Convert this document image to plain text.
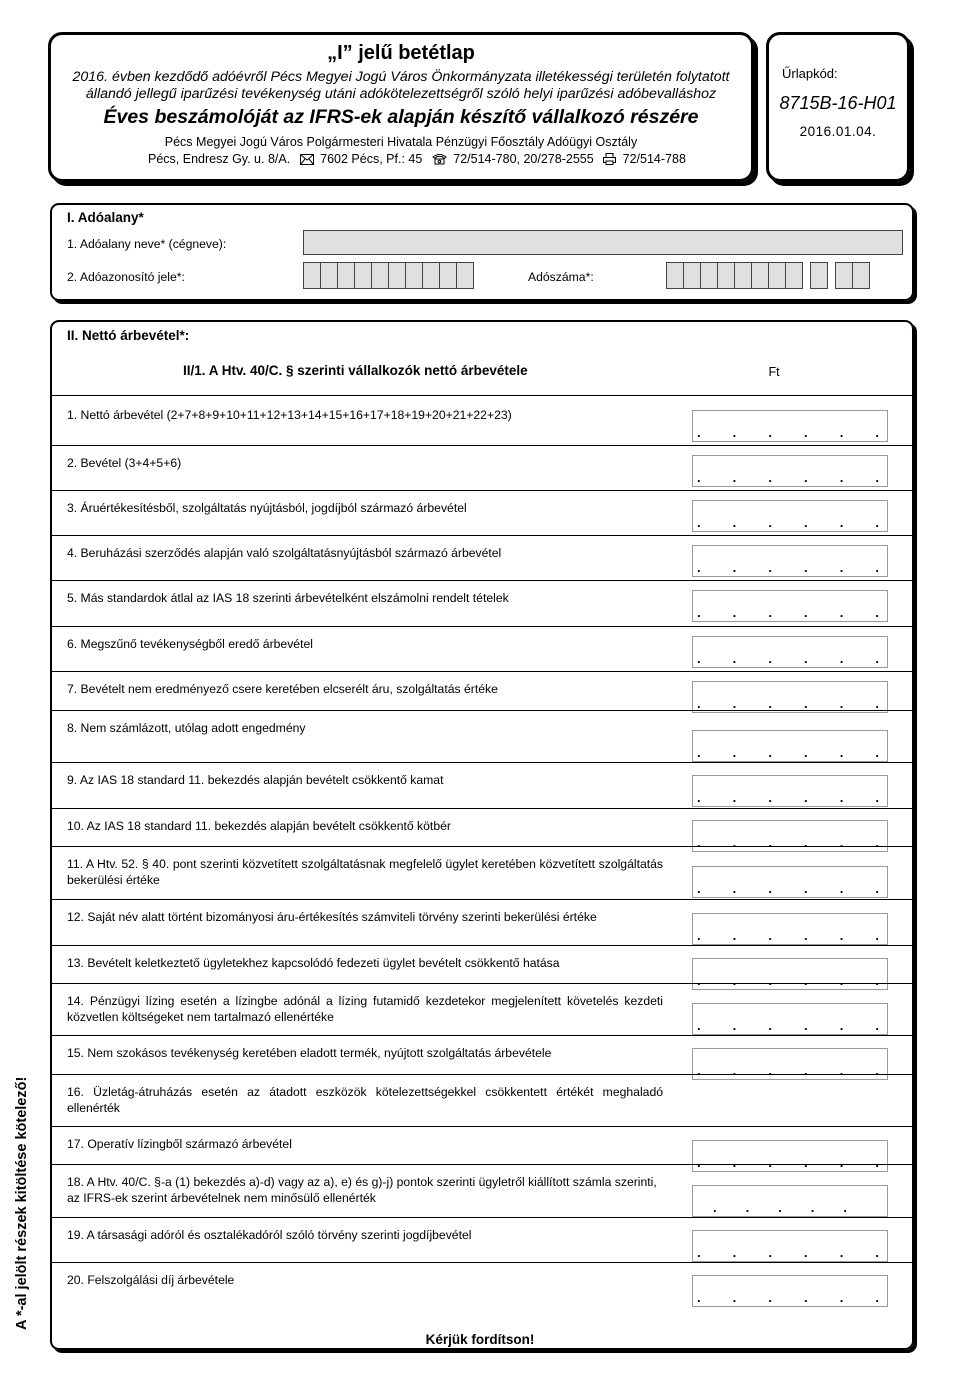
„I” jelű betétlap
2016. évben kezdődő adóévről Pécs Megyei Jogú Város Önkormányzata illetékességi területén folytatott
állandó jellegű iparűzési tevékenység utáni adókötelezettségről szóló helyi iparűzési adóbevalláshoz
Éves beszámolóját az IFRS-ek alapján készítő vállalkozó részére
Pécs Megyei Jogú Város Polgármesteri Hivatala Pénzügyi Főosztály Adóügyi Osztály
Pécs, Endresz Gy. u. 8/A. 7602 Pécs, Pf.: 45 72/514-780, 20/278-2555 72/514-788
Űrlapkód:
8715B-16-H01
2016.01.04.
I. Adóalany*
1. Adóalany neve* (cégneve):
2. Adóazonosító jele*:	Adószáma*:
II. Nettó árbevétel*:
II/1. A Htv. 40/C. § szerinti vállalkozók nettó árbevétele	Ft
1. Nettó árbevétel (2+7+8+9+10+11+12+13+14+15+16+17+18+19+20+21+22+23)
. . . . . .
2. Bevétel (3+4+5+6)
. . . . . .
3. Áruértékesítésből, szolgáltatás nyújtásból, jogdíjból származó árbevétel
. . . . . .
4. Beruházási szerződés alapján való szolgáltatásnyújtásból származó árbevétel
. . . . . .
5. Más standardok átlal az IAS 18 szerinti árbevételként elszámolni rendelt tételek
. . . . . .
6. Megszűnő tevékenységből eredő árbevétel
. . . . . .
7. Bevételt nem eredményező csere keretében elcserélt áru, szolgáltatás értéke
. . . . . .
8. Nem számlázott, utólag adott engedmény
. . . . . .
9. Az IAS 18 standard 11. bekezdés alapján bevételt csökkentő kamat
. . . . . .
10. Az IAS 18 standard 11. bekezdés alapján bevételt csökkentő kötbér
. . . . . .
11. A Htv. 52. § 40. pont szerinti közvetített szolgáltatásnak megfelelő ügylet keretében közvetített szolgáltatás bekerülési értéke
. . . . . .
12. Saját név alatt történt bizományosi áru-értékesítés számviteli törvény szerinti bekerülési értéke
. . . . . .
13. Bevételt keletkeztető ügyletekhez kapcsolódó fedezeti ügylet bevételt csökkentő hatása
. . . . . .
14. Pénzügyi lízing esetén a lízingbe adónál a lízing futamidő kezdetekor megjelenített követelés kezdeti közvetlen költségeket nem tartalmazó ellenértéke
. . . . . .
15. Nem szokásos tevékenység keretében eladott termék, nyújtott szolgáltatás árbevétele
. . . . . .
16. Üzletág-átruházás esetén az átadott eszközök kötelezettségekkel csökkentett értékét meghaladó ellenérték
17. Operatív lízingből származó árbevétel
. . . . . .
18. A Htv. 40/C. §-a (1) bekezdés a)-d) vagy az a), e) és g)-j) pontok szerinti ügyletről kiállított számla szerinti, az IFRS-ek szerint árbevételnek nem minősülő ellenérték
. . . . .
19. A társasági adóról és osztalékadóról szóló törvény szerinti jogdíjbevétel
. . . . . .
20. Felszolgálási díj árbevétele
. . . . . .
A *-al jelölt részek kitöltése kötelező!
Kérjük fordítson!
